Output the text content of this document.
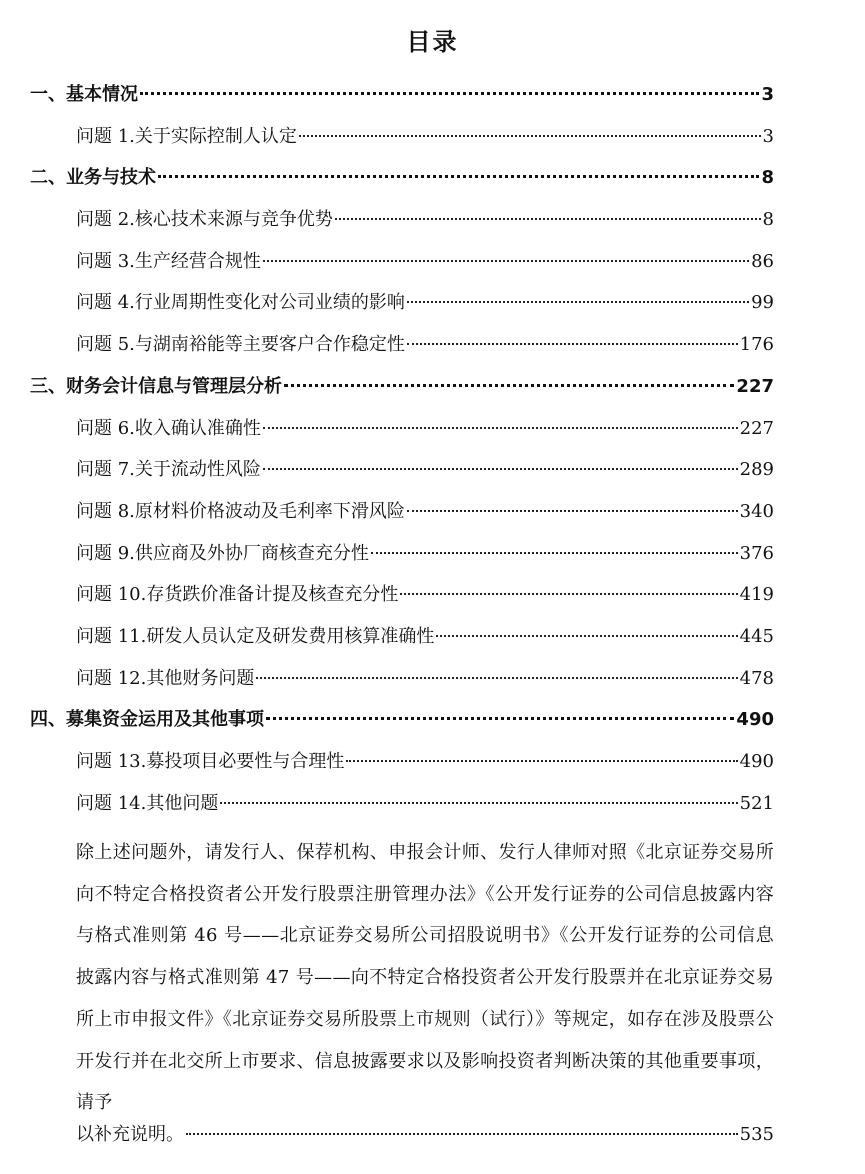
目录
一、基本情况	3
问题 1.关于实际控制人认定	3
二、业务与技术	8
问题 2.核心技术来源与竞争优势	8
问题 3.生产经营合规性	86
问题 4.行业周期性变化对公司业绩的影响	99
问题 5.与湖南裕能等主要客户合作稳定性	176
三、财务会计信息与管理层分析	227
问题 6.收入确认准确性	227
问题 7.关于流动性风险	289
问题 8.原材料价格波动及毛利率下滑风险	340
问题 9.供应商及外协厂商核查充分性	376
问题 10.存货跌价准备计提及核查充分性	419
问题 11.研发人员认定及研发费用核算准确性	445
问题 12.其他财务问题	478
四、募集资金运用及其他事项	490
问题 13.募投项目必要性与合理性	490
问题 14.其他问题	521
除上述问题外，请发行人、保荐机构、申报会计师、发行人律师对照《北京证券交易所向不特定合格投资者公开发行股票注册管理办法》《公开发行证券的公司信息披露内容与格式准则第 46 号——北京证券交易所公司招股说明书》《公开发行证券的公司信息披露内容与格式准则第 47 号——向不特定合格投资者公开发行股票并在北京证券交易所上市申报文件》《北京证券交易所股票上市规则（试行）》等规定，如存在涉及股票公开发行并在北交所上市要求、信息披露要求以及影响投资者判断决策的其他重要事项，请予
以补充说明。	535
